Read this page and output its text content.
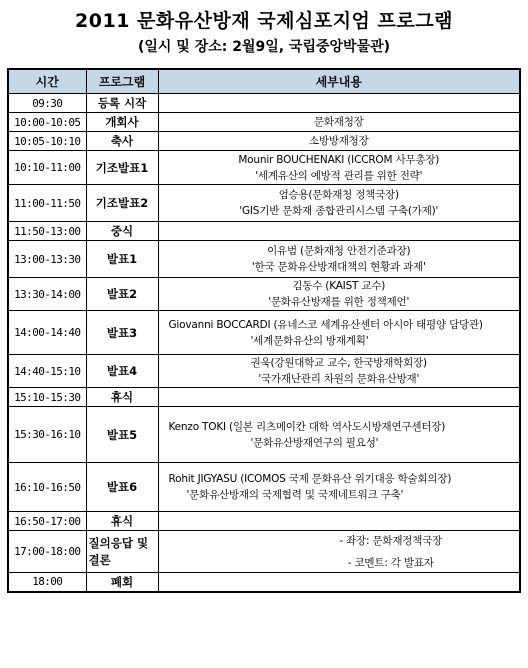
2011 문화유산방재 국제심포지엄 프로그램
(일시 및 장소: 2월9일, 국립중앙박물관)
시간	프로그램	세부내용
09:30	등록 시작	
10:00-10:05	개회사	문화재청장

10:05-10:10	축사	소방방재청장

10:10-11:00	기조발표1	Mounir BOUCHENAKI (ICCROM 사무총장)
'세계유산의 예방적 관리를 위한 전략'

11:00-11:50	기조발표2	엄승용(문화재청 정책국장)
'GIS기반 문화재 종합관리시스템 구축(가제)'

11:50-13:00	중식	
13:00-13:30	발표1	이유범 (문화재청 안전기준과장)
'한국 문화유산방재대책의 현황과 과제'

13:30-14:00	발표2	김동수 (KAIST 교수)
'문화유산방재를 위한 정책제언'

14:00-14:40	발표3	Giovanni BOCCARDI (유네스코 세계유산센터 아시아 태평양 담당관)
'세계문화유산의 방재계획'

14:40-15:10	발표4	권욱(강원대학교 교수, 한국방재학회장)
'국가재난관리 차원의 문화유산방재'

15:10-15:30	휴식	
15:30-16:10	발표5	Kenzo TOKI (일본 리츠메이칸 대학 역사도시방재연구센터장)
'문화유산방재연구의 필요성'

16:10-16:50	발표6	Rohit JIGYASU (ICOMOS 국제 문화유산 위기대응 학술회의장)
'문화유산방재의 국제협력 및 국제네트워크 구축'

16:50-17:00	휴식	
17:00-18:00	질의응답 및 결론	- 좌장: 문화재정책국장
- 코멘트: 각 발표자

18:00	폐회	
